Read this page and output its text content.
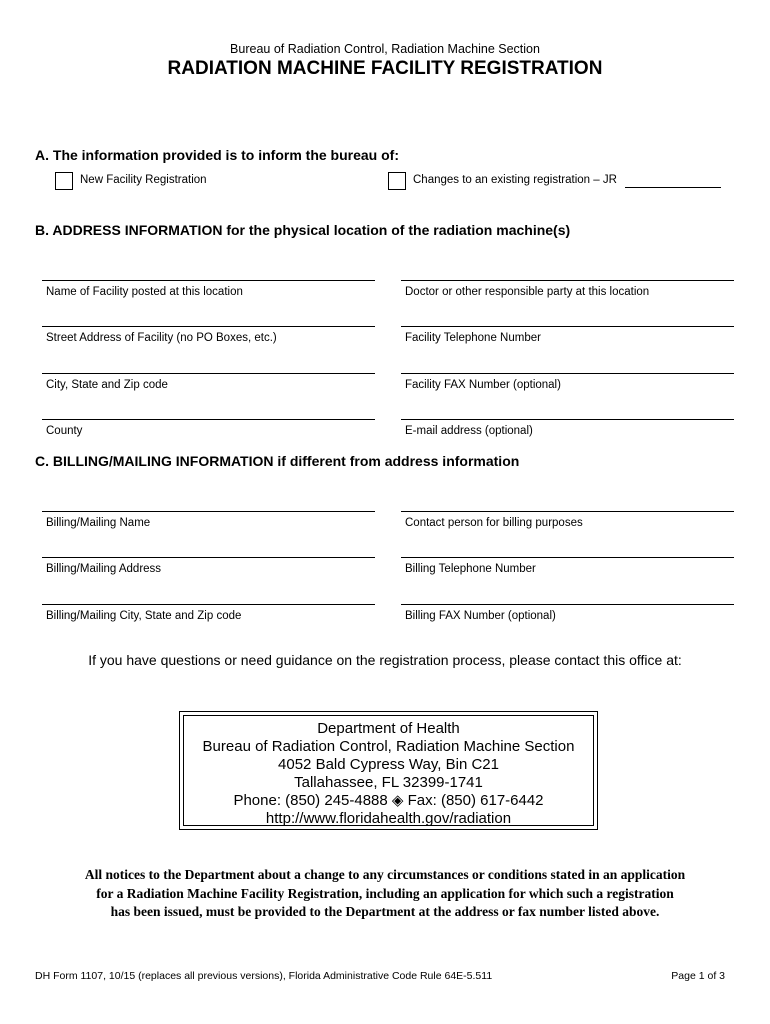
Bureau of Radiation Control, Radiation Machine Section
RADIATION MACHINE FACILITY REGISTRATION
A. The information provided is to inform the bureau of:
New Facility Registration	Changes to an existing registration – JR
B. ADDRESS INFORMATION for the physical location of the radiation machine(s)
Name of Facility posted at this location	Doctor or other responsible party at this location
Street Address of Facility (no PO Boxes, etc.)	Facility Telephone Number
City, State and Zip code	Facility FAX Number (optional)
County	E-mail address (optional)
C. BILLING/MAILING INFORMATION if different from address information
Billing/Mailing Name	Contact person for billing purposes
Billing/Mailing Address	Billing Telephone Number
Billing/Mailing City, State and Zip code	Billing FAX Number (optional)
If you have questions or need guidance on the registration process, please contact this office at:
Department of Health
Bureau of Radiation Control, Radiation Machine Section
4052 Bald Cypress Way, Bin C21
Tallahassee, FL 32399-1741
Phone: (850) 245-4888 ◈ Fax: (850) 617-6442
http://www.floridahealth.gov/radiation
All notices to the Department about a change to any circumstances or conditions stated in an application
for a Radiation Machine Facility Registration, including an application for which such a registration
has been issued, must be provided to the Department at the address or fax number listed above.
DH Form 1107, 10/15 (replaces all previous versions), Florida Administrative Code Rule 64E-5.511	Page 1 of 3
